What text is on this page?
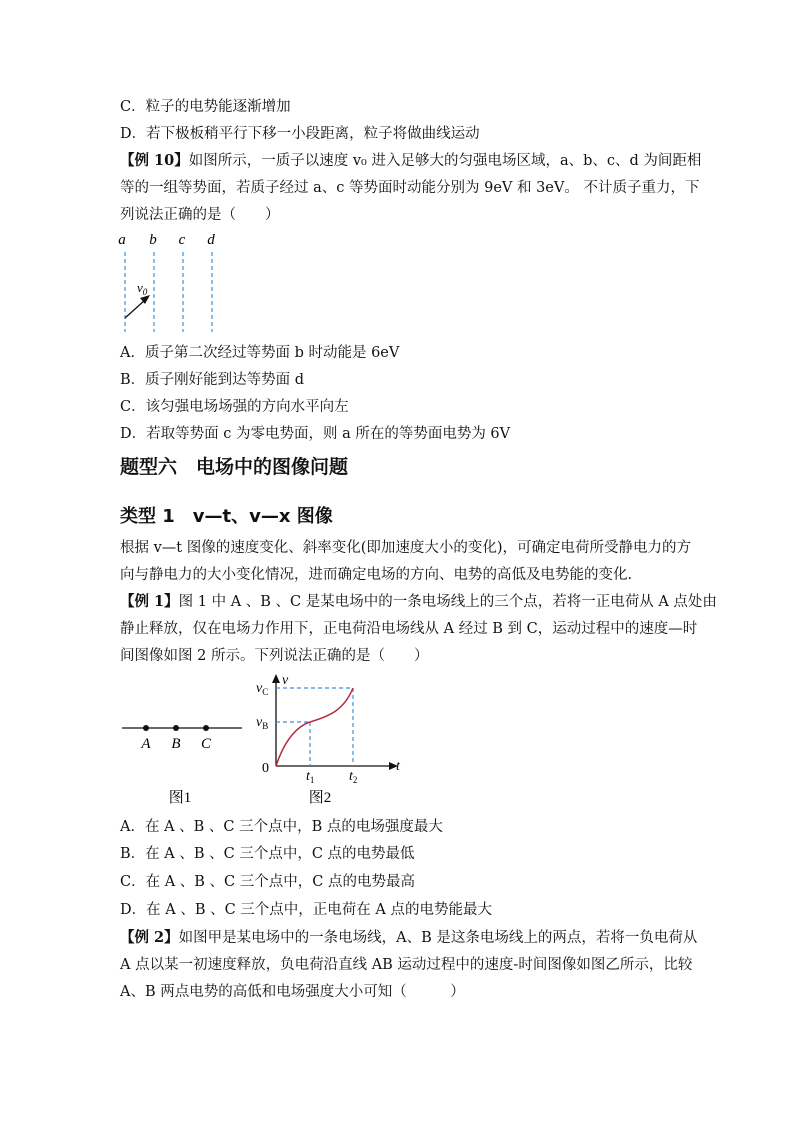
C．粒子的电势能逐渐增加
D．若下极板稍平行下移一小段距离，粒子将做曲线运动
【例 10】如图所示，一质子以速度 v₀ 进入足够大的匀强电场区域，a、b、c、d 为间距相
等的一组等势面，若质子经过 a、c 等势面时动能分别为 9eV 和 3eV。 不计质子重力，下
列说法正确的是（　　）
a b c d
$v_0$
A．质子第二次经过等势面 b 时动能是 6eV
B．质子刚好能到达等势面 d
C．该匀强电场场强的方向水平向左
D．若取等势面 c 为零电势面，则 a 所在的等势面电势为 6V
题型六　电场中的图像问题
类型 1　v—t、v—x 图像
根据 v—t 图像的速度变化、斜率变化(即加速度大小的变化)，可确定电荷所受静电力的方
向与静电力的大小变化情况，进而确定电场的方向、电势的高低及电势能的变化.
【例 1】图 1 中 A 、B 、C 是某电场中的一条电场线上的三个点，若将一正电荷从 A 点处由
静止释放，仅在电场力作用下，正电荷沿电场线从 A 经过 B 到 C，运动过程中的速度—时
间图像如图 2 所示。下列说法正确的是（　　）
A B C
图1
v
t
0
$v_C$
$v_B$
$t_1$ $t_2$
图2
A．在 A 、B 、C 三个点中，B 点的电场强度最大
B．在 A 、B 、C 三个点中，C 点的电势最低
C．在 A 、B 、C 三个点中，C 点的电势最高
D．在 A 、B 、C 三个点中，正电荷在 A 点的电势能最大
【例 2】如图甲是某电场中的一条电场线，A、B 是这条电场线上的两点，若将一负电荷从
A 点以某一初速度释放，负电荷沿直线 AB 运动过程中的速度-时间图像如图乙所示，比较
A、B 两点电势的高低和电场强度大小可知（　　　）
